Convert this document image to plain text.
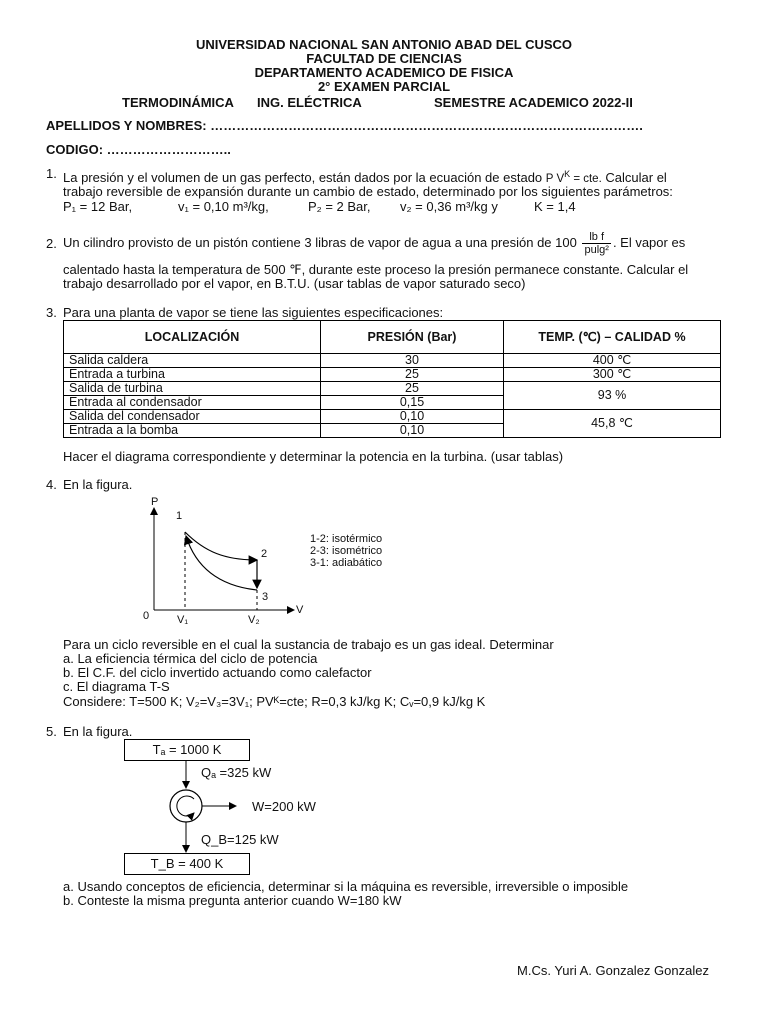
UNIVERSIDAD NACIONAL SAN ANTONIO ABAD DEL CUSCO
FACULTAD DE CIENCIAS
DEPARTAMENTO ACADEMICO DE FISICA
2° EXAMEN PARCIAL
TERMODINÁMICA ING. ELÉCTRICA	SEMESTRE ACADEMICO 2022-II
APELLIDOS Y NOMBRES: ……………………………………………………………………………………….
CODIGO: ………………………..
1. La presión y el volumen de un gas perfecto, están dados por la ecuación de estado P $V^K$ = cte. Calcular el
trabajo reversible de expansión durante un cambio de estado, determinado por los siguientes parámetros:
P₁ = 12 Bar,	v₁ = 0,10 m³/kg,	P₂ = 2 Bar, v₂ = 0,36 m³/kg y	K = 1,4
2. Un cilindro provisto de un pistón contiene 3 libras de vapor de agua a una presión de $100 \frac{\text{lb f}}{\text{pulg²}}$ . El vapor es
calentado hasta la temperatura de 500 ℉, durante este proceso la presión permanece constante. Calcular el
trabajo desarrollado por el vapor, en B.T.U. (usar tablas de vapor saturado seco)
3. Para una planta de vapor se tiene las siguientes especificaciones:
LOCALIZACIÓN	PRESIÓN (Bar)	TEMP. (℃) – CALIDAD %
Salida caldera	30	400 ℃
Entrada a turbina	25	300 ℃
Salida de turbina	25	93 %
Entrada al condensador	0,15	
Salida del condensador	0,10	45,8 ℃
Entrada a la bomba	0,10	
Hacer el diagrama correspondiente y determinar la potencia en la turbina. (usar tablas)
4. En la figura.
P
V
0
1
2
3
V₁	V₂
1-2: isotérmico
2-3: isométrico
3-1: adiabático
Para un ciclo reversible en el cual la sustancia de trabajo es un gas ideal. Determinar
a. La eficiencia térmica del ciclo de potencia
b. El C.F. del ciclo invertido actuando como calefactor
c. El diagrama T-S
Considere: T=500 K; V₂=V₃=3V₁; PVᴷ=cte; R=0,3 kJ/kg K; Cᵥ=0,9 kJ/kg K
5. En la figura.
Tₐ = 1000 K
T_B = 400 K
Qₐ =325 kW
W=200 kW
Q_B=125 kW
a. Usando conceptos de eficiencia, determinar si la máquina es reversible, irreversible o imposible
b. Conteste la misma pregunta anterior cuando W=180 kW
M.Cs. Yuri A. Gonzalez Gonzalez
